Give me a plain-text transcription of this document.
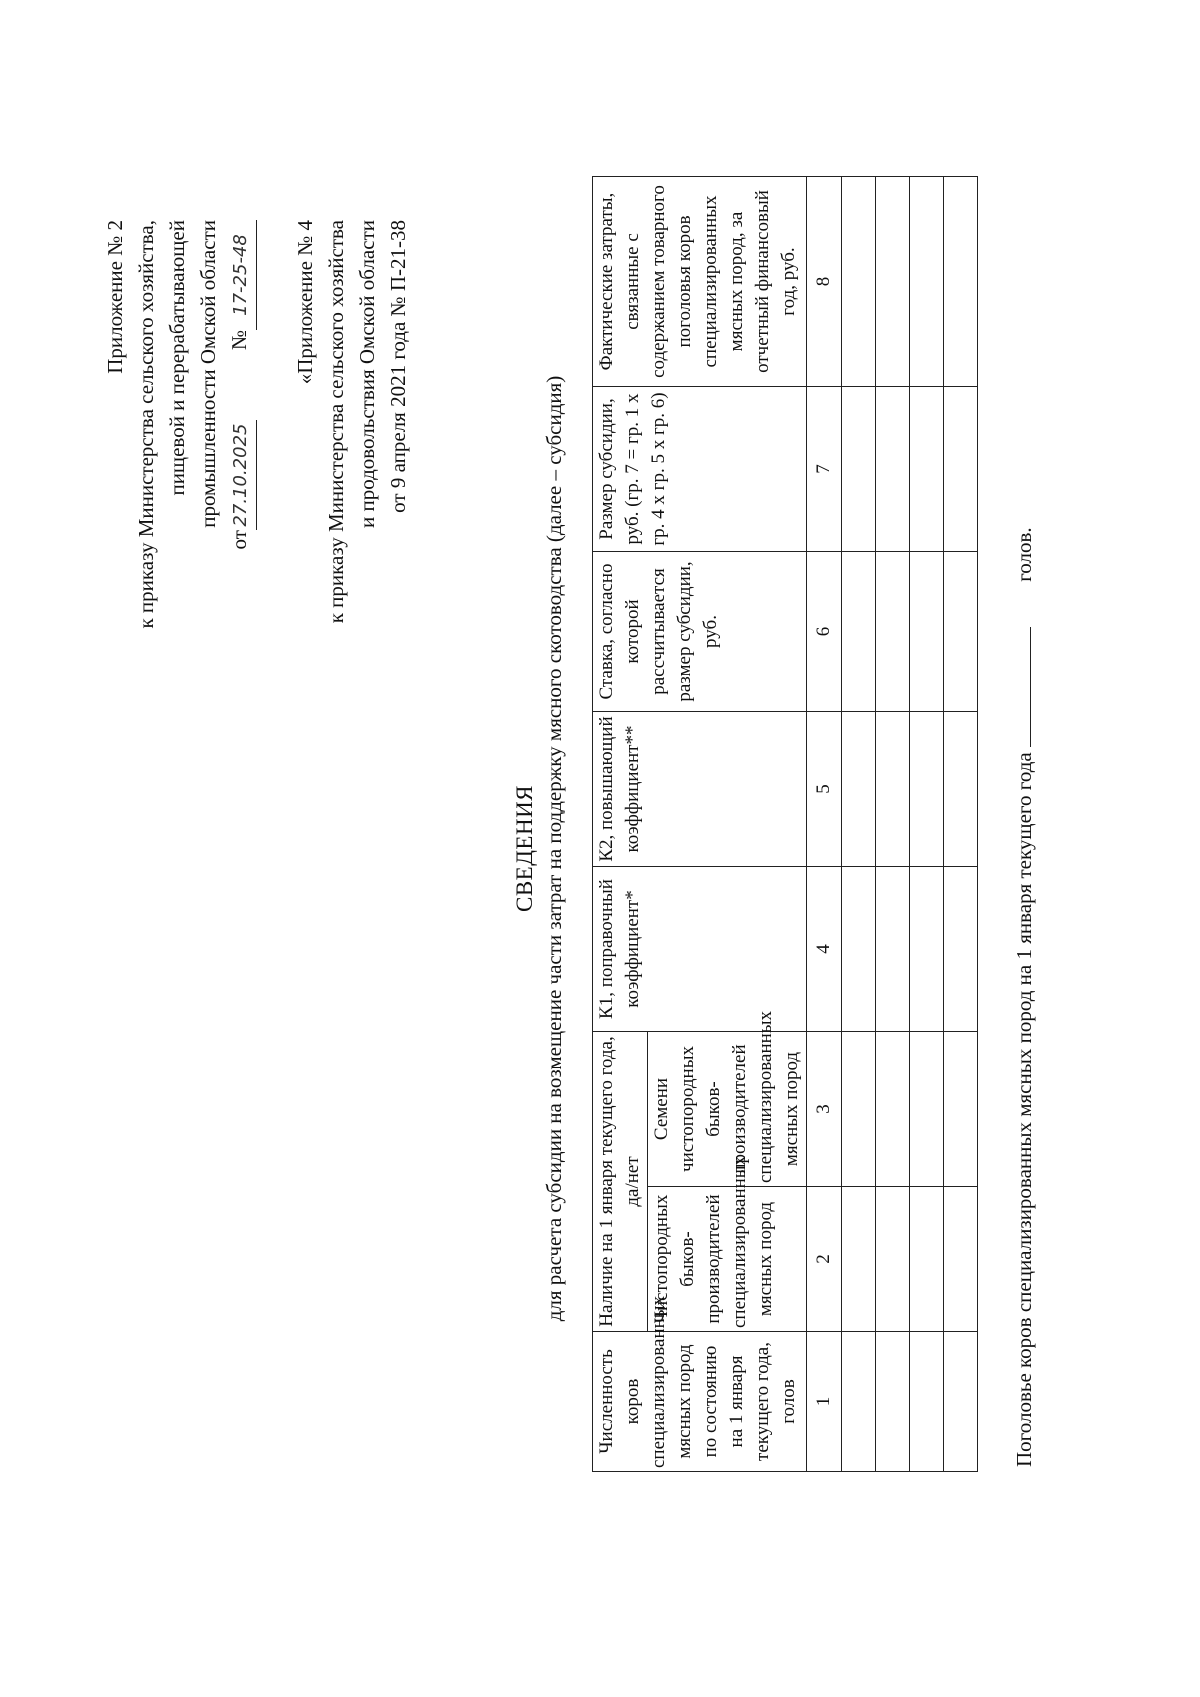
Приложение № 2 к приказу Министерства сельского хозяйства, пищевой и перерабатывающей промышленности Омской области
от27.10.2025№17-25-48 «Приложение № 4 к приказу Министерства сельского хозяйства и продовольствия Омской области от 9 апреля 2021 года № П-21-38
СВЕДЕНИЯ для расчета субсидии на возмещение части затрат на поддержку мясного скотоводства (далее – субсидия)
Численность коров специализированных мясных пород по состоянию на 1 января текущего года, голов	Наличие на 1 января текущего года, да/нет		К1, поправочный коэффициент*	К2, повышающий коэффициент**	Ставка, согласно которой рассчитывается размер субсидии, руб.	Размер субсидии, руб. (гр. 7 = гр. 1 x гр. 4 x гр. 5 x гр. 6)	Фактические затраты, связанные с содержанием товарного поголовья коров специализированных мясных пород, за отчетный финансовый год, руб.
	Чистопородных быков-производителей специализированных мясных пород	Семени чистопородных быков-производителей специализированных мясных пород					
1	2	3	4	5	6	7	8

Поголовье коров специализированных мясных пород на 1 января текущего года  голов.
